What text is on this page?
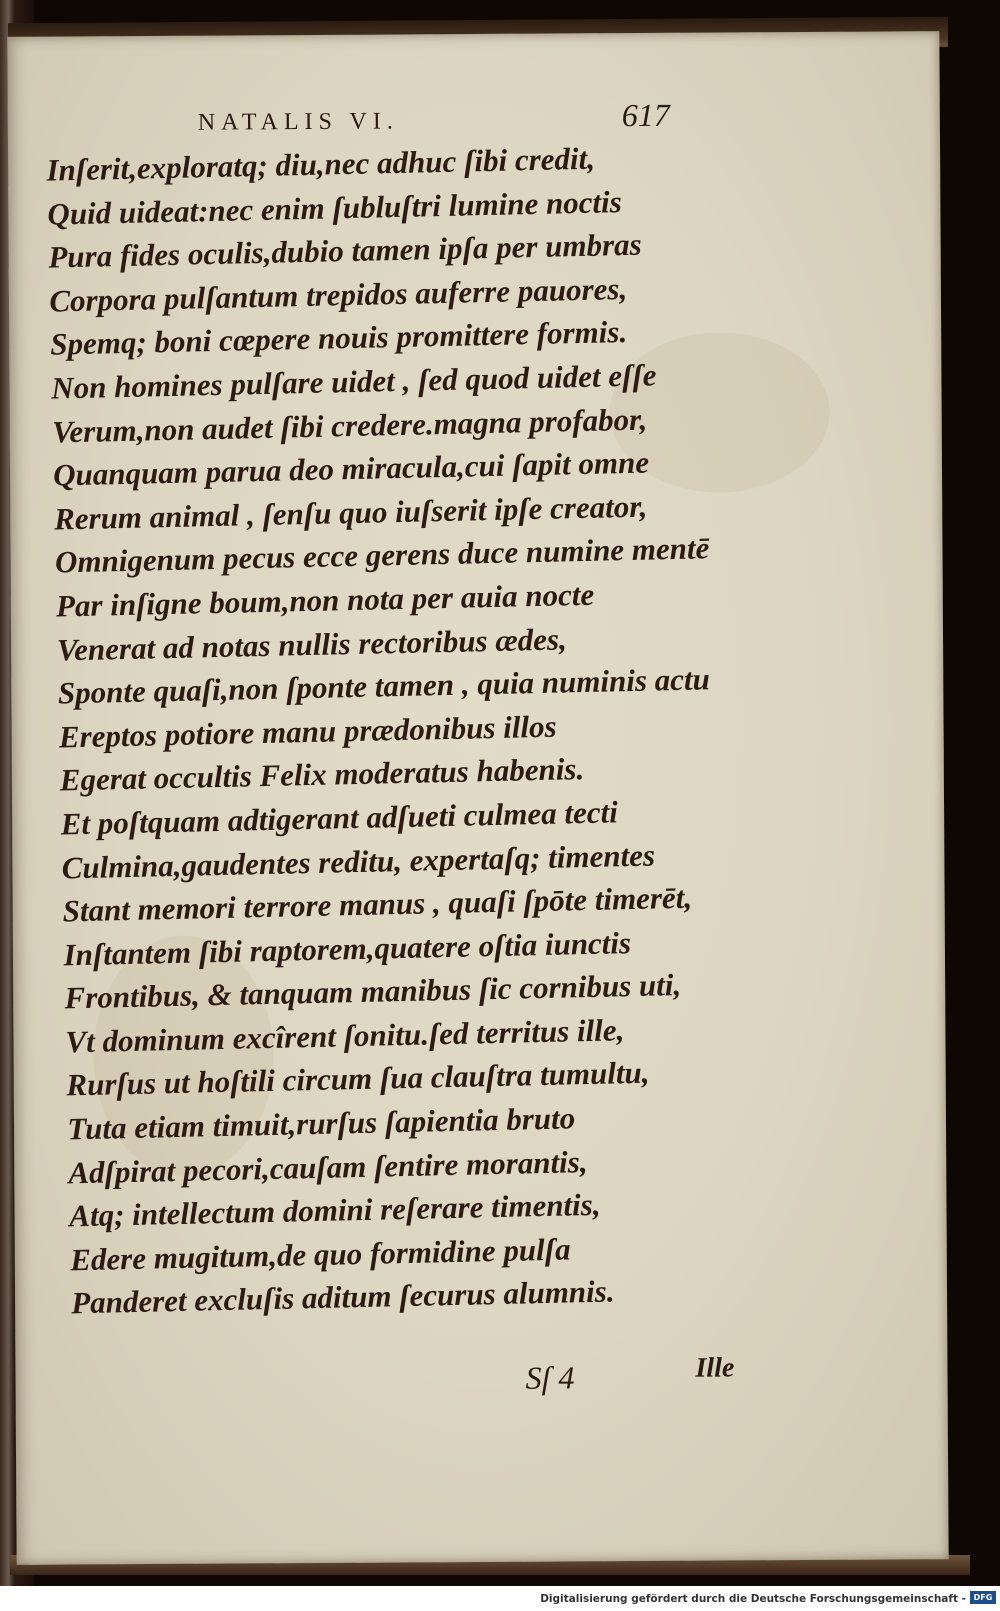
NATALIS VI.	617
Inſerit,exploratq; diu,nec adhuc ſibi credit,
Quid uideat:nec enim ſubluſtri lumine noctis
Pura fides oculis,dubio tamen ipſa per umbras
Corpora pulſantum trepidos auferre pauores,
Spemq; boni cœpere nouis promittere formis.
Non homines pulſare uidet , ſed quod uidet eſſe
Verum,non audet ſibi credere.magna profabor,
Quanquam parua deo miracula,cui ſapit omne
Rerum animal , ſenſu quo iuſserit ipſe creator,
Omnigenum pecus ecce gerens duce numine mentē
Par inſigne boum,non nota per auia nocte
Venerat ad notas nullis rectoribus ædes,
Sponte quaſi,non ſponte tamen , quia numinis actu
Ereptos potiore manu prædonibus illos
Egerat occultis Felix moderatus habenis.
Et poſtquam adtigerant adſueti culmea tecti
Culmina,gaudentes reditu, expertaſq; timentes
Stant memori terrore manus , quaſi ſpōte timerēt,
Inſtantem ſibi raptorem,quatere oſtia iunctis
Frontibus, & tanquam manibus ſic cornibus uti,
Vt dominum excîrent ſonitu.ſed territus ille,
Rurſus ut hoſtili circum ſua clauſtra tumultu,
Tuta etiam timuit,rurſus ſapientia bruto
Adſpirat pecori,cauſam ſentire morantis,
Atq; intellectum domini reſerare timentis,
Edere mugitum,de quo formidine pulſa
Panderet excluſis aditum ſecurus alumnis.
Sſ 4	Ille
Digitalisierung gefördert durch die Deutsche Forschungsgemeinschaft - DFG
